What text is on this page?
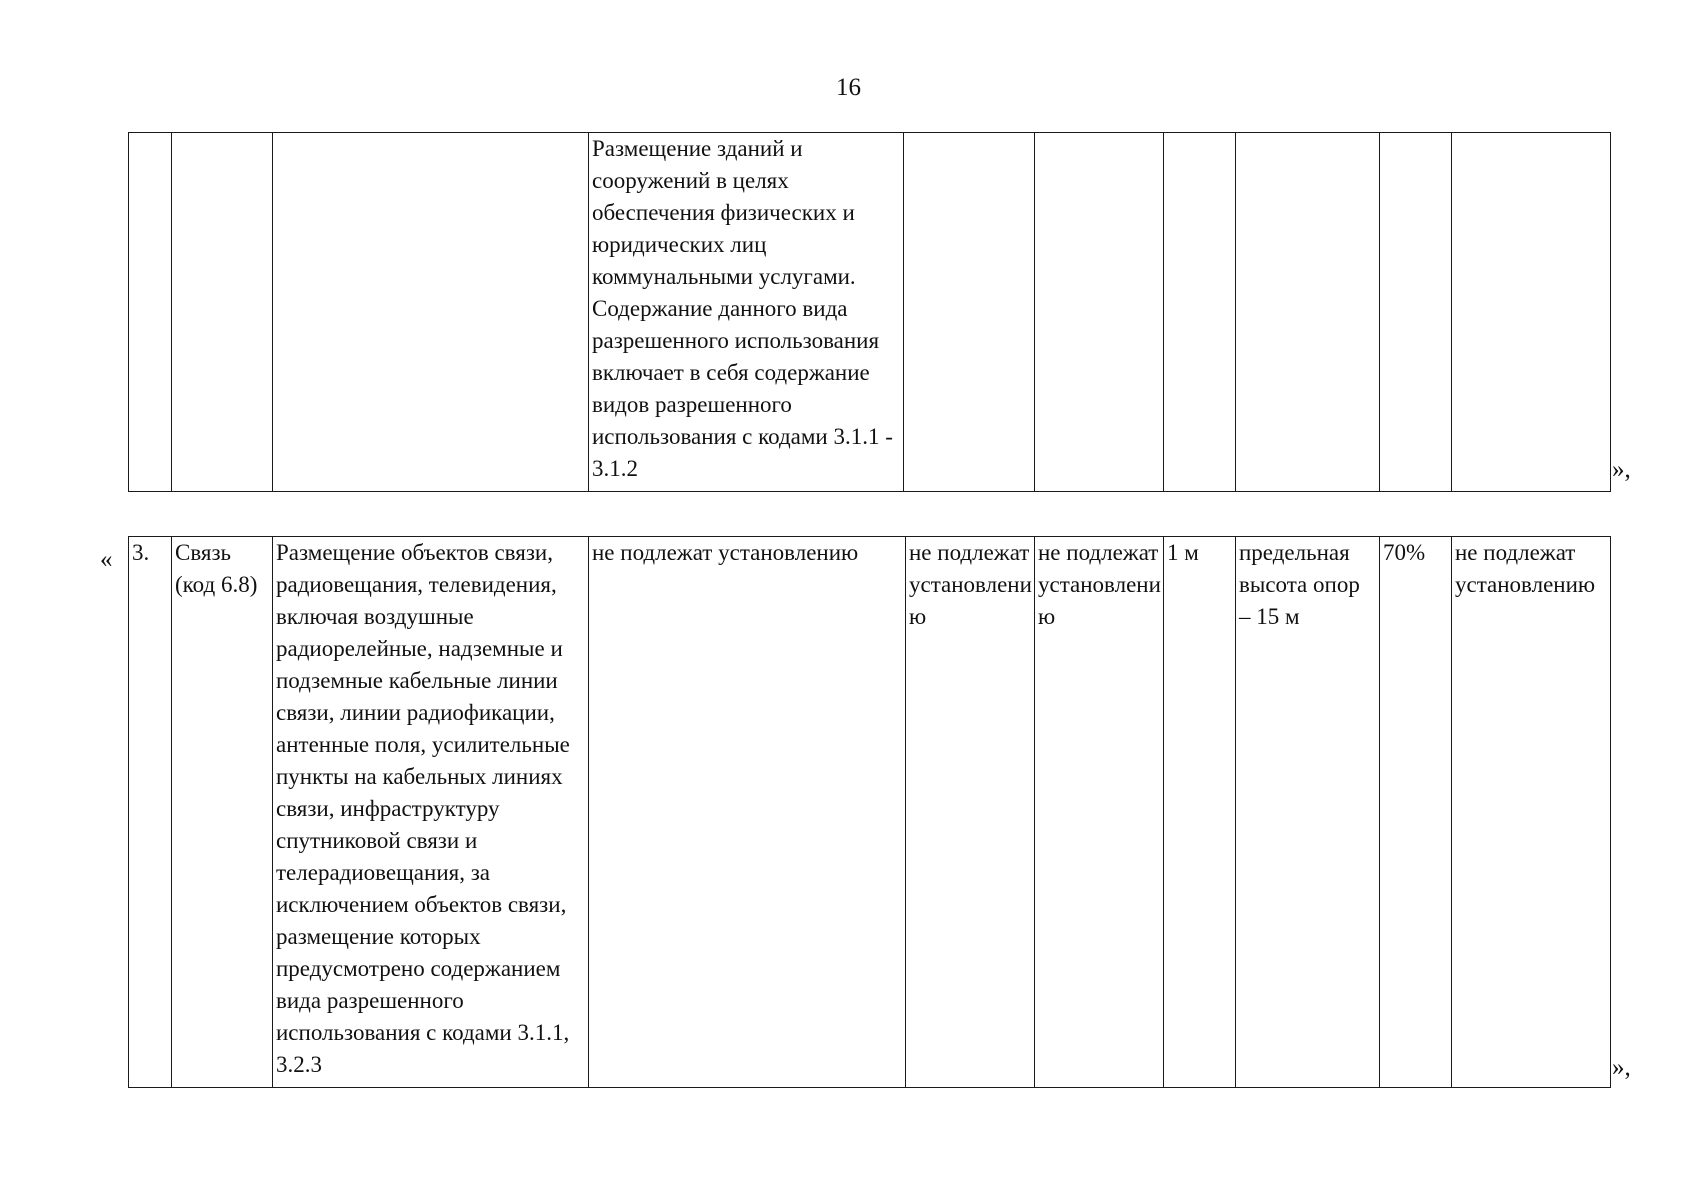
16
			Размещение зданий и сооружений в целях обеспечения физических и юридических лиц коммунальными услугами. Содержание данного вида разрешенного использования включает в себя содержание видов разрешенного использования с кодами 3.1.1 - 3.1.2							»,
« 3.	Связь (код 6.8)	Размещение объектов связи, радиовещания, телевидения, включая воздушные радиорелейные, надземные и подземные кабельные линии связи, линии радиофикации, антенные поля, усилительные пункты на кабельных линиях связи, инфраструктуру спутниковой связи и телерадиовещания, за исключением объектов связи, размещение которых предусмотрено содержанием вида разрешенного использования с кодами 3.1.1, 3.2.3	не подлежат установлению	не подлежат установлению	не подлежат установлению	1 м	предельная высота опор – 15 м	70%	не подлежат установлению
»,
